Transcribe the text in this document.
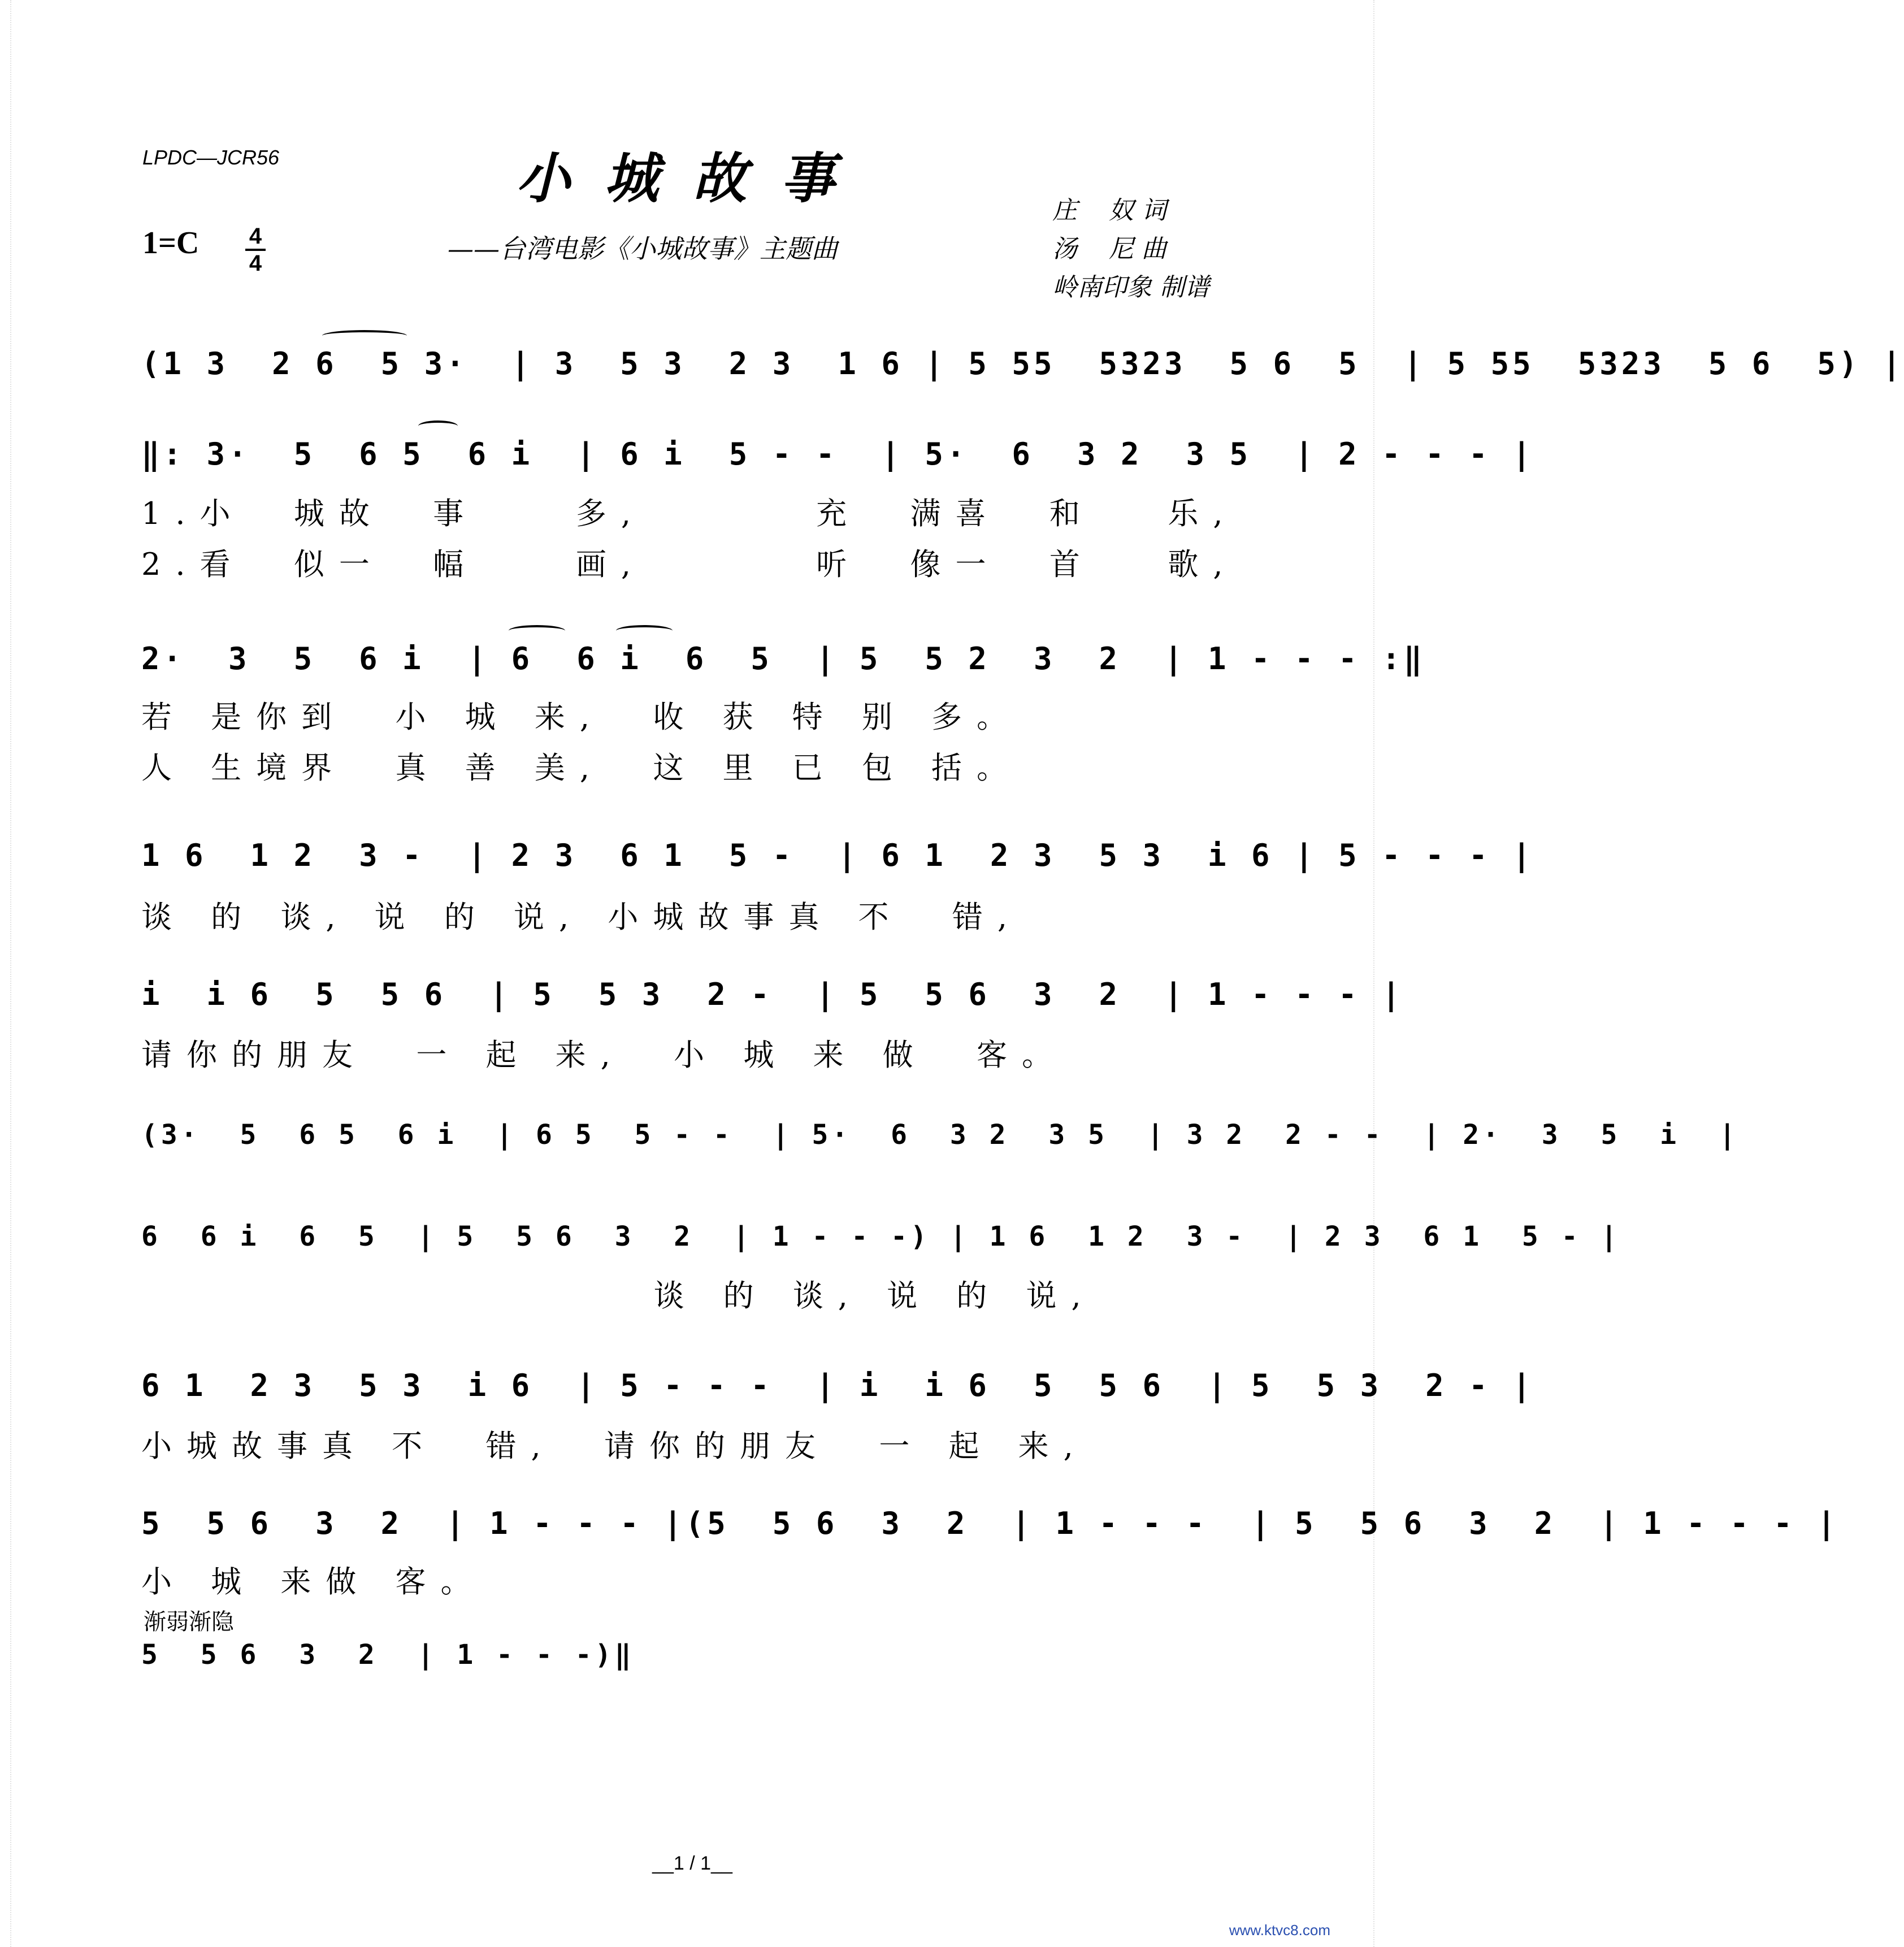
LPDC—JCR56	小城故事
1=C 4
4	——台湾电影《小城故事》主题曲
庄    奴 词
汤    尼 曲
岭南印象 制谱
(1 3  2 6  5 3·  | 3  5 3  2 3  1 6 | 5 55  5323  5 6  5  | 5 55  5323  5 6  5) |
‖: 3·  5  6 5  6 i  | 6 i  5 - -  | 5·  6  3 2  3 5  | 2 - - - |
1.小  城故  事    多,       充  满喜  和   乐,
2.看  似一  幅    画,       听  像一  首   歌,
2·  3  5  6 i  | 6  6 i  6  5  | 5  5 2  3  2  | 1 - - - :‖
若 是你到  小 城 来,  收 获 特 别 多。
人 生境界  真 善 美,  这 里 已 包 括。
1 6  1 2  3 -  | 2 3  6 1  5 -  | 6 1  2 3  5 3  i 6 | 5 - - - |
谈 的 谈, 说 的 说, 小城故事真 不  错,
i  i 6  5  5 6  | 5  5 3  2 -  | 5  5 6  3  2  | 1 - - - |
请你的朋友  一 起 来,  小 城 来 做  客。
(3·  5  6 5  6 i  | 6 5  5 - -  | 5·  6  3 2  3 5  | 3 2  2 - -  | 2·  3  5  i  |
6  6 i  6  5  | 5  5 6  3  2  | 1 - - -) | 1 6  1 2  3 -  | 2 3  6 1  5 - |
谈 的 谈, 说 的 说,
6 1  2 3  5 3  i 6  | 5 - - -  | i  i 6  5  5 6  | 5  5 3  2 - |
小城故事真 不  错,  请你的朋友  一 起 来,
5  5 6  3  2  | 1 - - - |(5  5 6  3  2  | 1 - - -  | 5  5 6  3  2  | 1 - - - |
小 城 来做 客。
渐弱渐隐
5  5 6  3  2  | 1 - - -)‖
__1 / 1__
www.ktvc8.com
